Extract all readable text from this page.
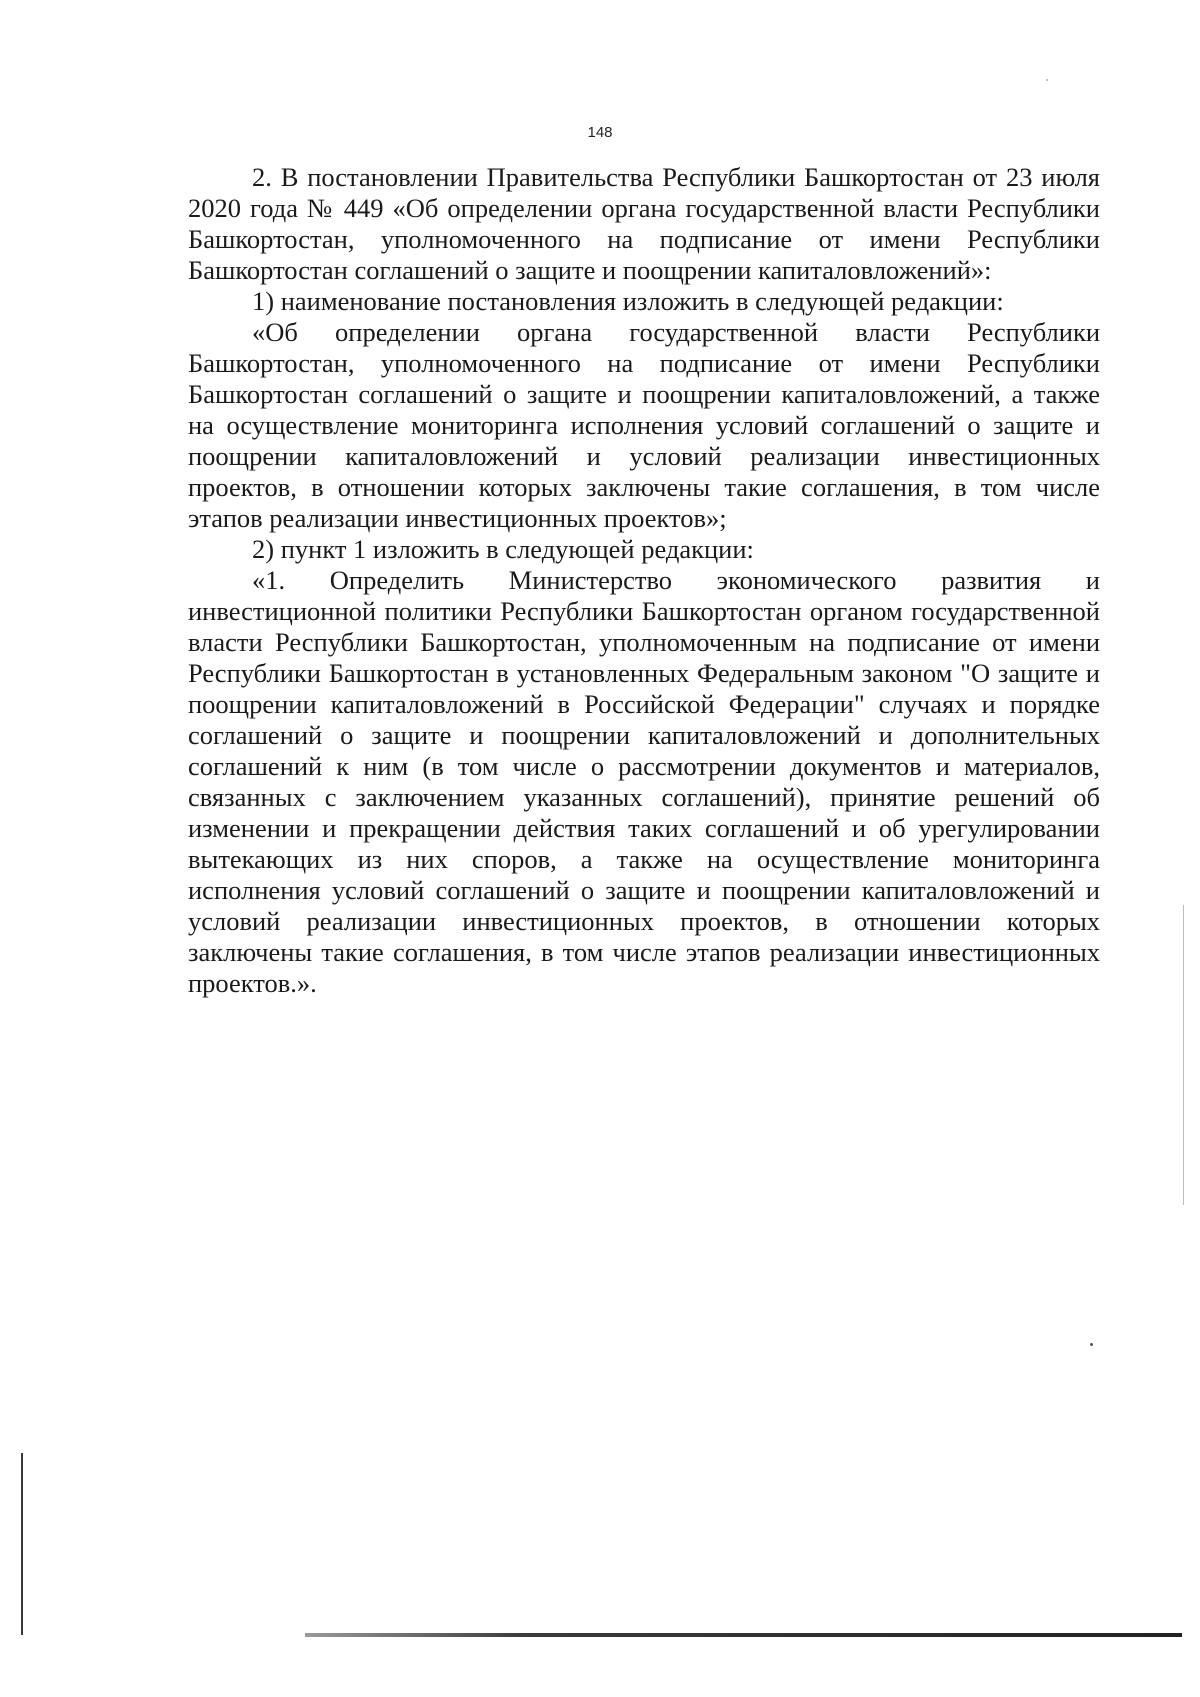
148

2. В постановлении Правительства Республики Башкортостан от 23 июля 2020 года № 449 «Об определении органа государственной власти Республики Башкортостан, уполномоченного на подписание от имени Республики Башкортостан соглашений о защите и поощрении капиталовложений»:

1) наименование постановления изложить в следующей редакции:

«Об определении органа государственной власти Республики Башкортостан, уполномоченного на подписание от имени Республики Башкортостан соглашений о защите и поощрении капиталовложений, а также на осуществление мониторинга исполнения условий соглашений о защите и поощрении капиталовложений и условий реализации инвестиционных проектов, в отношении которых заключены такие соглашения, в том числе этапов реализации инвестиционных проектов»;

2) пункт 1 изложить в следующей редакции:

«1. Определить Министерство экономического развития и инвестиционной политики Республики Башкортостан органом государственной власти Республики Башкортостан, уполномоченным на подписание от имени Республики Башкортостан в установленных Федеральным законом "О защите и поощрении капиталовложений в Российской Федерации" случаях и порядке соглашений о защите и поощрении капиталовложений и дополнительных соглашений к ним (в том числе о рассмотрении документов и материалов, связанных с заключением указанных соглашений), принятие решений об изменении и прекращении действия таких соглашений и об урегулировании вытекающих из них споров, а также на осуществление мониторинга исполнения условий соглашений о защите и поощрении капиталовложений и условий реализации инвестиционных проектов, в отношении которых заключены такие соглашения, в том числе этапов реализации инвестиционных проектов.».
